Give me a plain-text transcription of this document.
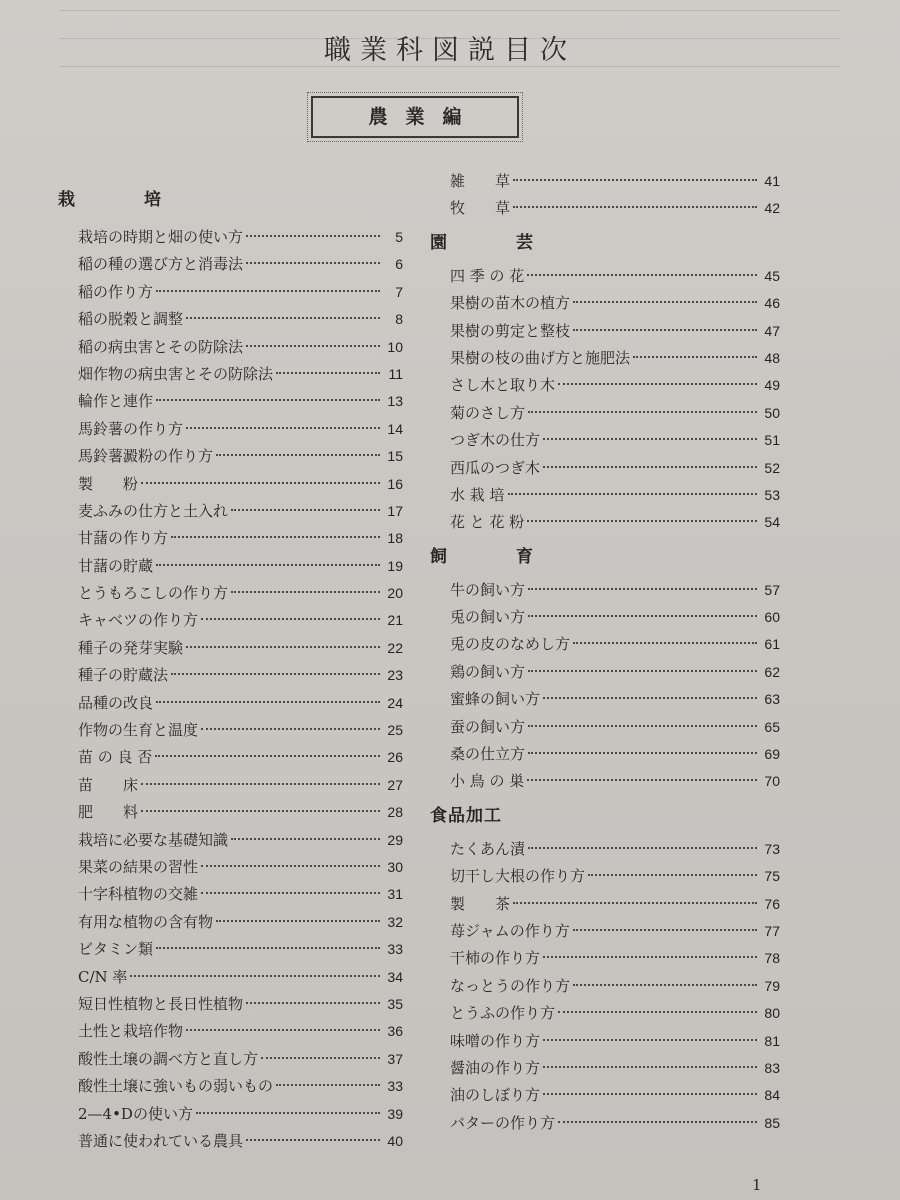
職業科図説目次
農業編
栽　培
栽培の時期と畑の使い方	5
稲の種の選び方と消毒法	6
稲の作り方	7
稲の脱穀と調整	8
稲の病虫害とその防除法	10
畑作物の病虫害とその防除法	11
輪作と連作	13
馬鈴薯の作り方	14
馬鈴薯澱粉の作り方	15
製　　粉	16
麦ふみの仕方と土入れ	17
甘藷の作り方	18
甘藷の貯蔵	19
とうもろこしの作り方	20
キャベツの作り方	21
種子の発芽実験	22
種子の貯蔵法	23
品種の改良	24
作物の生育と温度	25
苗 の 良 否	26
苗　　床	27
肥　　料	28
栽培に必要な基礎知識	29
果菜の結果の習性	30
十字科植物の交雑	31
有用な植物の含有物	32
ビタミン類	33
C/N 率	34
短日性植物と長日性植物	35
土性と栽培作物	36
酸性土壌の調べ方と直し方	37
酸性土壌に強いもの弱いもの	33
2—4•Dの使い方	39
普通に使われている農具	40
雑　　草	41
牧　　草	42
園　芸
四 季 の 花	45
果樹の苗木の植方	46
果樹の剪定と整枝	47
果樹の枝の曲げ方と施肥法	48
さし木と取り木	49
菊のさし方	50
つぎ木の仕方	51
西瓜のつぎ木	52
水 栽 培	53
花 と 花 粉	54
飼　育
牛の飼い方	57
兎の飼い方	60
兎の皮のなめし方	61
鶏の飼い方	62
蜜蜂の飼い方	63
蚕の飼い方	65
桑の仕立方	69
小 鳥 の 巣	70
食品加工
たくあん漬	73
切干し大根の作り方	75
製　　茶	76
苺ジャムの作り方	77
干柿の作り方	78
なっとうの作り方	79
とうふの作り方	80
味噌の作り方	81
醤油の作り方	83
油のしぼり方	84
バターの作り方	85
1
